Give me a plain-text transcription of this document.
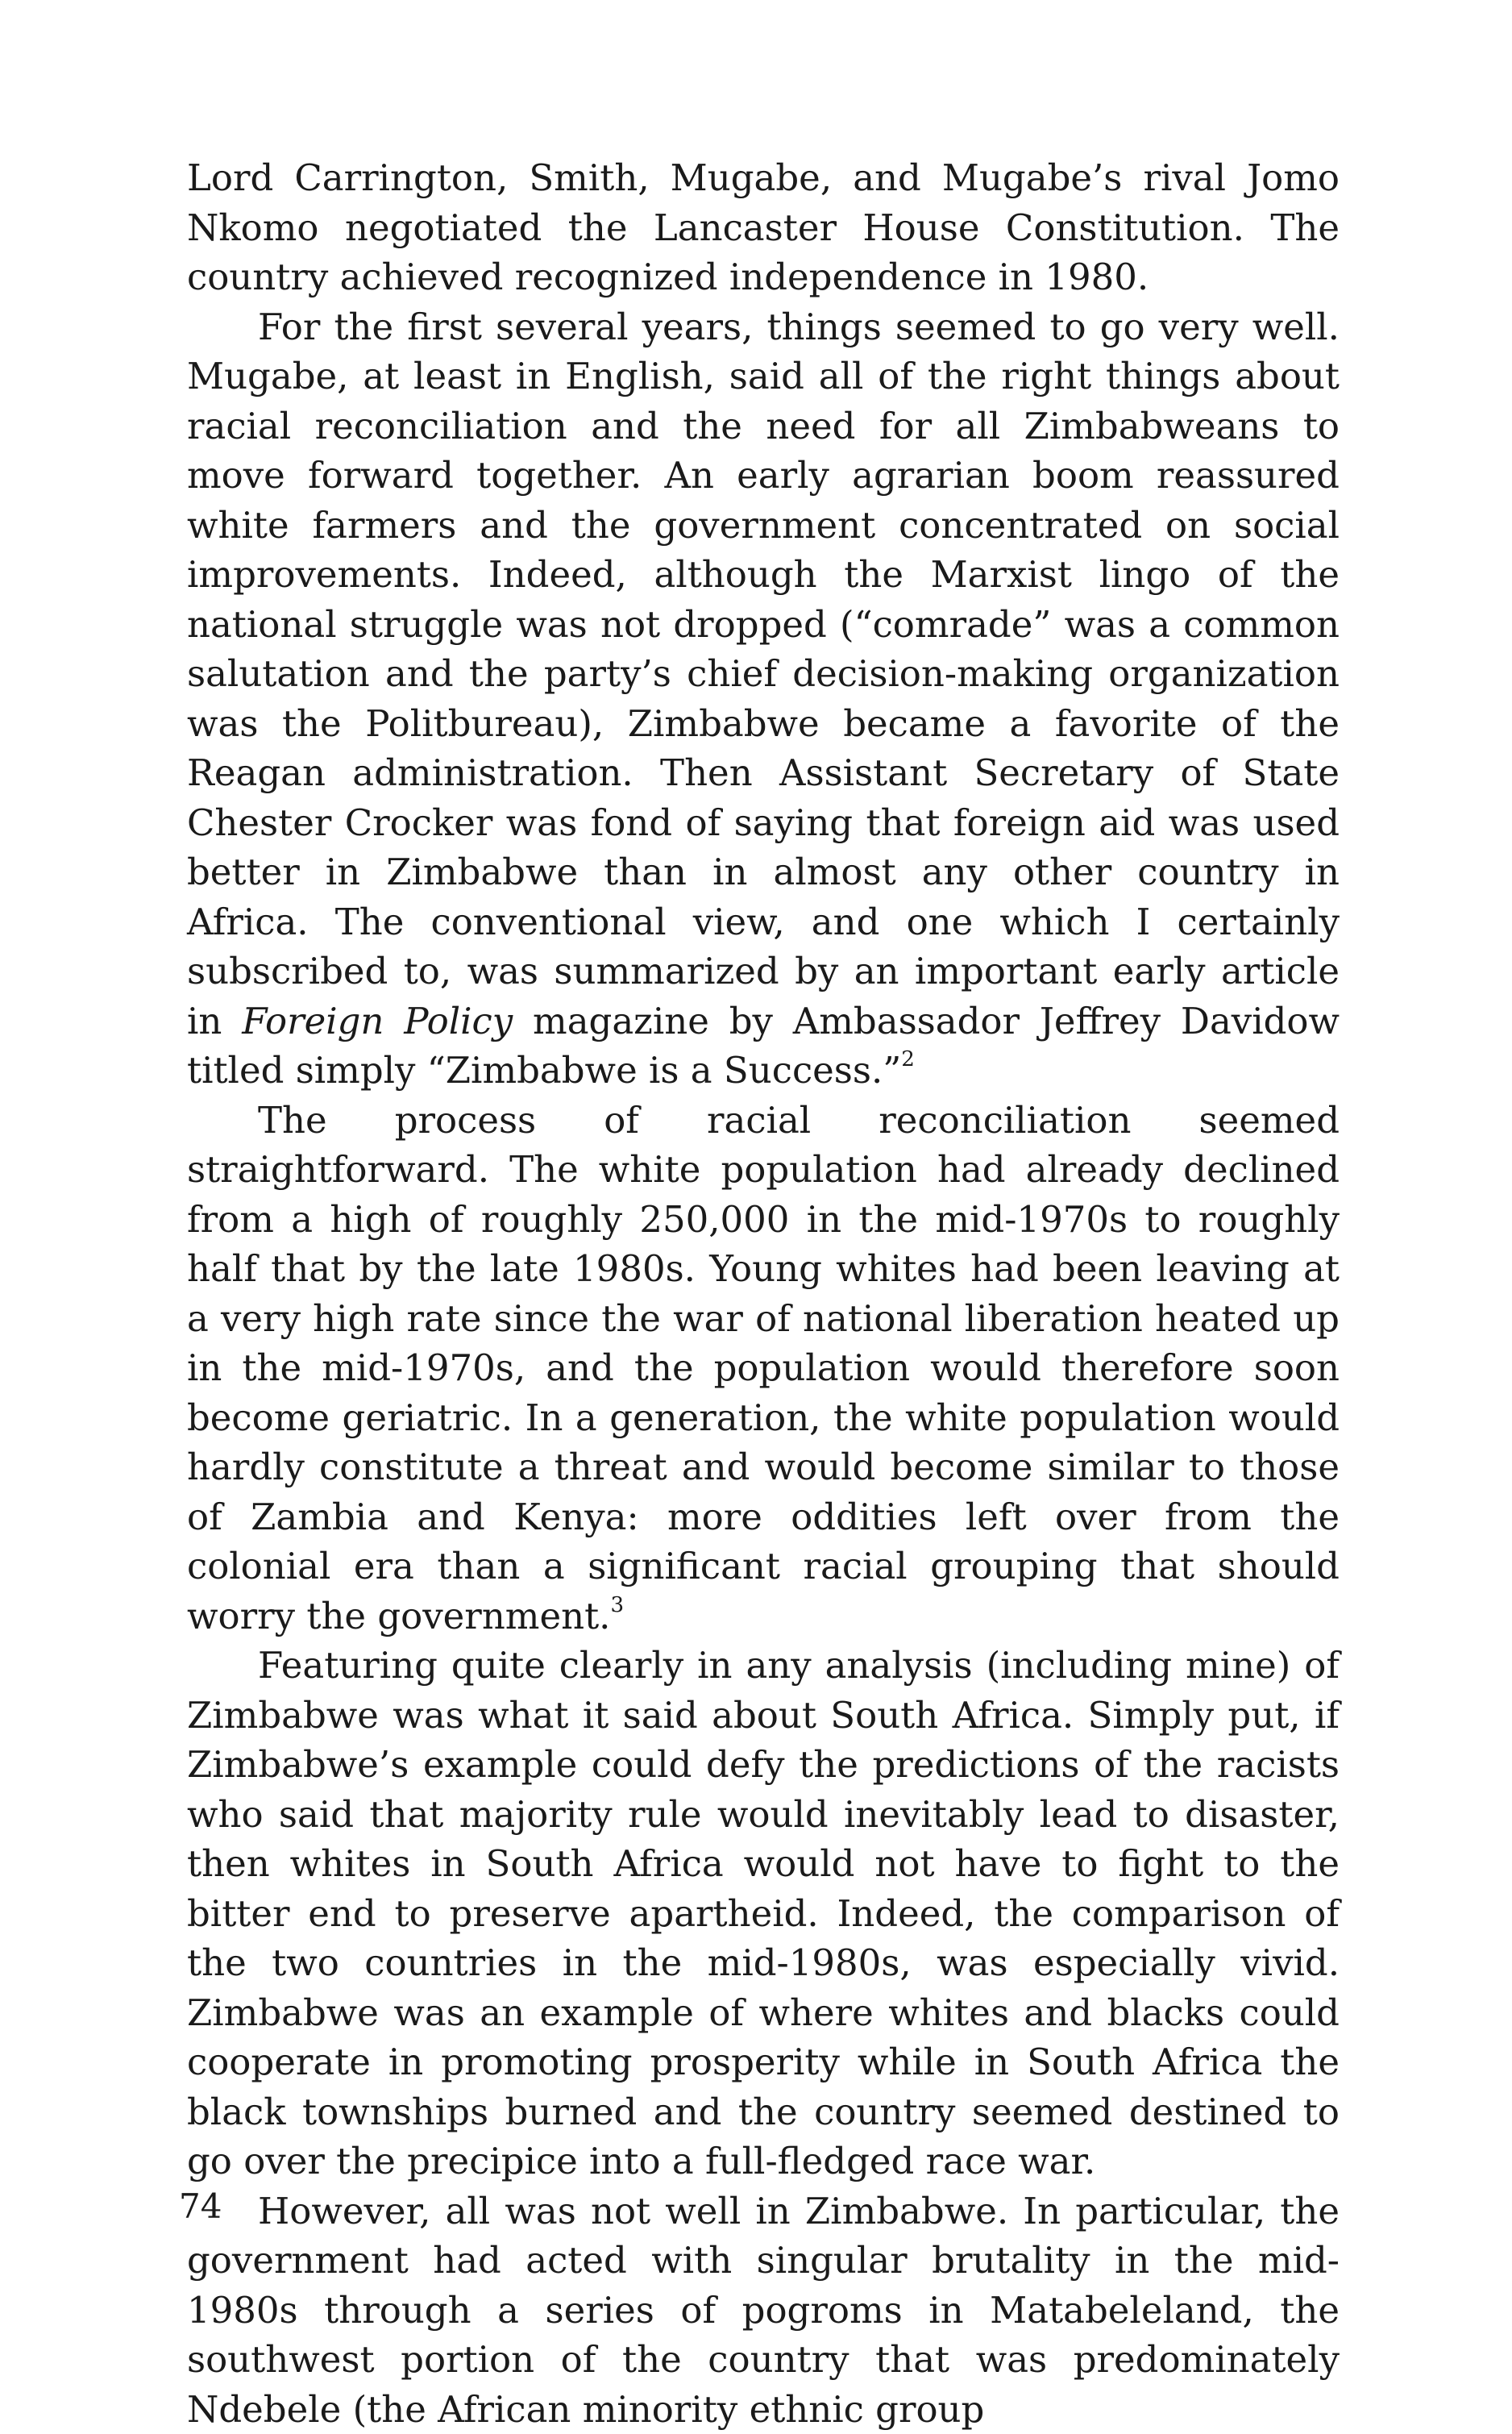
Lord Carrington, Smith, Mugabe, and Mugabe’s rival Jomo Nkomo negotiated the Lancaster House Constitution. The country achieved recognized independence in 1980.

For the first several years, things seemed to go very well. Mugabe, at least in English, said all of the right things about racial reconciliation and the need for all Zimbabweans to move forward together. An early agrarian boom reassured white farmers and the government concentrated on social improvements. Indeed, although the Marxist lingo of the national struggle was not dropped (“comrade” was a common salutation and the party’s chief decision-making organization was the Politbureau), Zimbabwe became a favorite of the Reagan administration. Then Assistant Secretary of State Chester Crocker was fond of saying that foreign aid was used better in Zimbabwe than in almost any other country in Africa. The conventional view, and one which I certainly subscribed to, was summarized by an important early article in Foreign Policy magazine by Ambassador Jeffrey Davidow titled simply “Zimbabwe is a Success.”$^2$

The process of racial reconciliation seemed straightforward. The white population had already declined from a high of roughly 250,000 in the mid-1970s to roughly half that by the late 1980s. Young whites had been leaving at a very high rate since the war of national liberation heated up in the mid-1970s, and the population would therefore soon become geriatric. In a generation, the white population would hardly constitute a threat and would become similar to those of Zambia and Kenya: more oddities left over from the colonial era than a significant racial grouping that should worry the government.$^3$

Featuring quite clearly in any analysis (including mine) of Zimbabwe was what it said about South Africa. Simply put, if Zimbabwe’s example could defy the predictions of the racists who said that majority rule would inevitably lead to disaster, then whites in South Africa would not have to fight to the bitter end to preserve apartheid. Indeed, the comparison of the two countries in the mid-1980s, was especially vivid. Zimbabwe was an example of where whites and blacks could cooperate in promoting prosperity while in South Africa the black townships burned and the country seemed destined to go over the precipice into a full-fledged race war.

However, all was not well in Zimbabwe. In particular, the government had acted with singular brutality in the mid-1980s through a series of pogroms in Matabeleland, the southwest portion of the country that was predominately Ndebele (the African minority ethnic group

74
